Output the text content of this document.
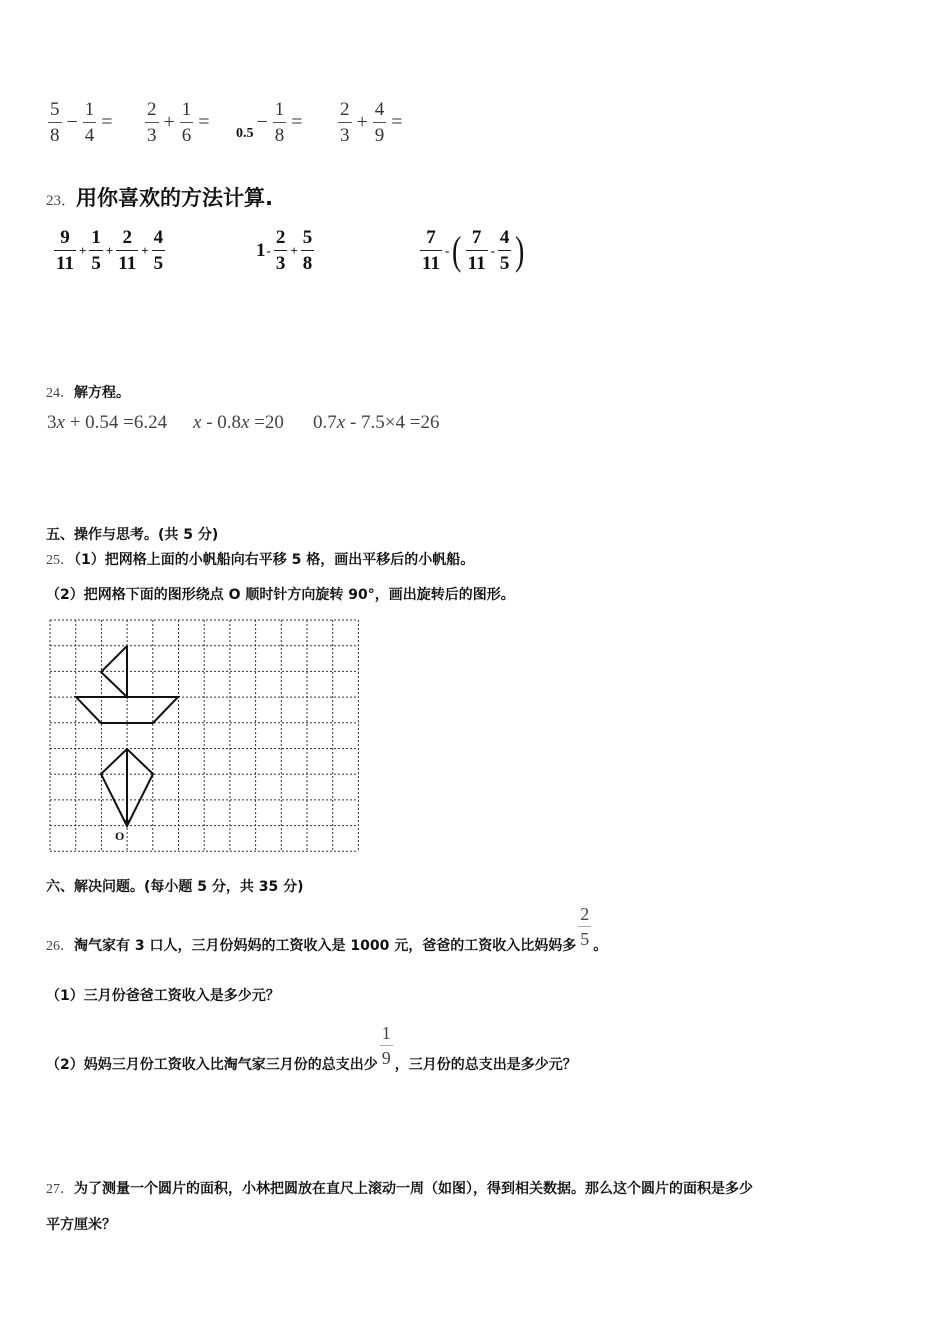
$\frac{5}{8} - \frac{1}{4} = \frac{2}{3} + \frac{1}{6} = 0.5 - \frac{1}{8} = \frac{2}{3} + \frac{4}{9}$ =
23．用你喜欢的方法计算.
$\frac{9}{11} + \frac{1}{5} + \frac{2}{11} + \frac{4}{5}$	$1 - \frac{2}{3} + \frac{5}{8}$	$\frac{7}{11}$ - ( $\frac{7}{11} - \frac{4}{5}$ )
24．解方程。
3x + 0.54 =6.24 x - 0.8x =20 0.7x - 7.5×4 =26
五、操作与思考。(共 5 分)
25．（1）把网格上面的小帆船向右平移 5 格，画出平移后的小帆船。
（2）把网格下面的图形绕点 O 顺时针方向旋转 90°，画出旋转后的图形。
O
六、解决问题。(每小题 5 分，共 35 分)
26． 淘气家有 3 口人，三月份妈妈的工资收入是 1000 元，爸爸的工资收入比妈妈多 $\frac{2}{5}$ 。
（1）三月份爸爸工资收入是多少元？
（2）妈妈三月份工资收入比淘气家三月份的总支出少 $\frac{1}{9}$ ，三月份的总支出是多少元？
27．为了测量一个圆片的面积，小林把圆放在直尺上滚动一周（如图），得到相关数据。那么这个圆片的面积是多少
平方厘米？
